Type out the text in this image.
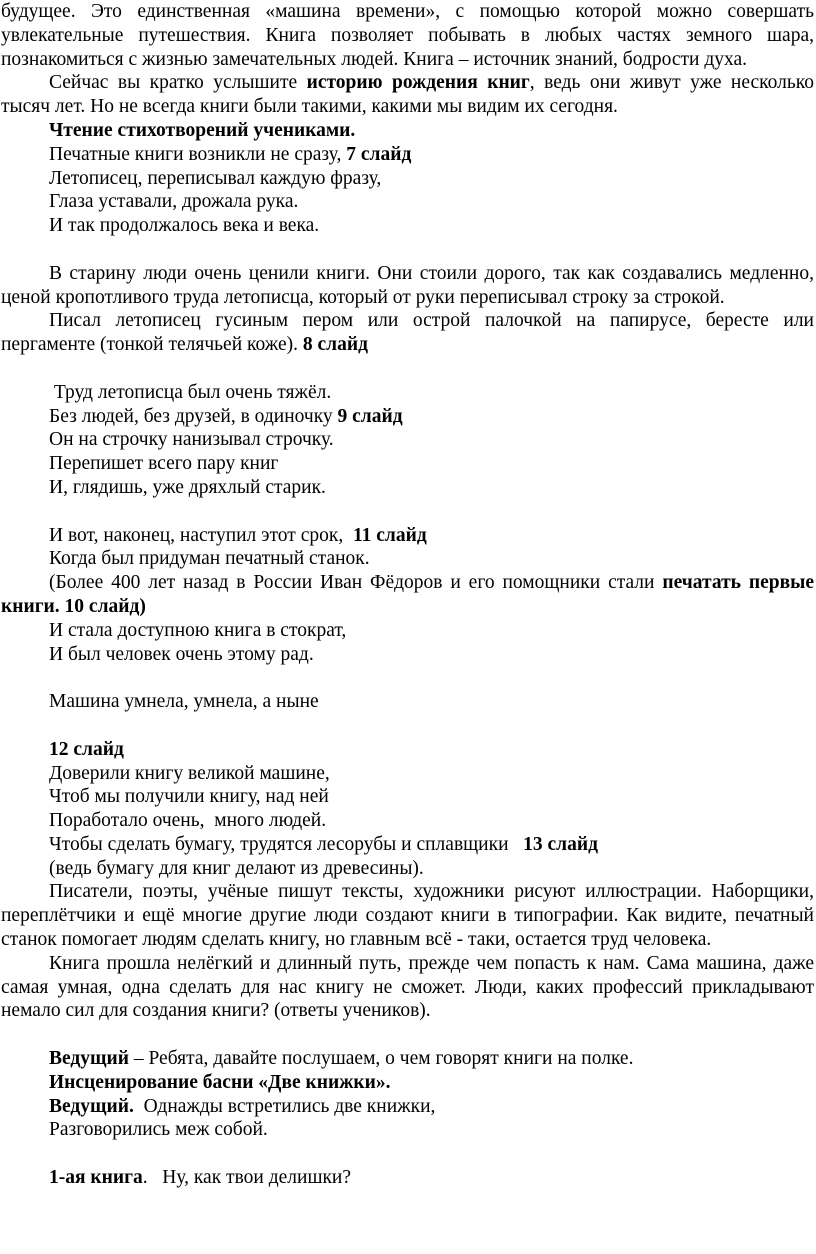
будущее. Это единственная «машина времени», с помощью которой можно совершать увлекательные путешествия. Книга позволяет побывать в любых частях земного шара, познакомиться с жизнью замечательных людей. Книга – источник знаний, бодрости духа.

Сейчас вы кратко услышите историю рождения книг, ведь они живут уже несколько тысяч лет. Но не всегда книги были такими, какими мы видим их сегодня.

Чтение стихотворений учениками.

Печатные книги возникли не сразу, 7 слайд

Летописец, переписывал каждую фразу,

Глаза уставали, дрожала рука.

И так продолжалось века и века.

В старину люди очень ценили книги. Они стоили дорого, так как создавались медленно, ценой кропотливого труда летописца, который от руки переписывал строку за строкой.

Писал летописец гусиным пером или острой палочкой на папирусе, бересте или пергаменте (тонкой телячьей коже). 8 слайд

Труд летописца был очень тяжёл.

Без людей, без друзей, в одиночку 9 слайд

Он на строчку нанизывал строчку.

Перепишет всего пару книг

И, глядишь, уже дряхлый старик.

И вот, наконец, наступил этот срок,  11 слайд

Когда был придуман печатный станок.

(Более 400 лет назад в России Иван Фёдоров и его помощники стали печатать первые книги. 10 слайд)

И стала доступною книга в стократ,

И был человек очень этому рад.

Машина умнела, умнела, а ныне

12 слайд

Доверили книгу великой машине,

Чтоб мы получили книгу, над ней

Поработало очень,  много людей.

Чтобы сделать бумагу, трудятся лесорубы и сплавщики   13 слайд

(ведь бумагу для книг делают из древесины).

Писатели, поэты, учёные пишут тексты, художники рисуют иллюстрации. Наборщики, переплётчики и ещё многие другие люди создают книги в типографии. Как видите, печатный станок помогает людям сделать книгу, но главным всё - таки, остается труд человека.

Книга прошла нелёгкий и длинный путь, прежде чем попасть к нам. Сама машина, даже самая умная, одна сделать для нас книгу не сможет. Люди, каких профессий прикладывают немало сил для создания книги? (ответы учеников).

Ведущий – Ребята, давайте послушаем, о чем говорят книги на полке.

Инсценирование басни «Две книжки».

Ведущий.  Однажды встретились две книжки,

Разговорились меж собой.

1-ая книга.   Ну, как твои делишки?
